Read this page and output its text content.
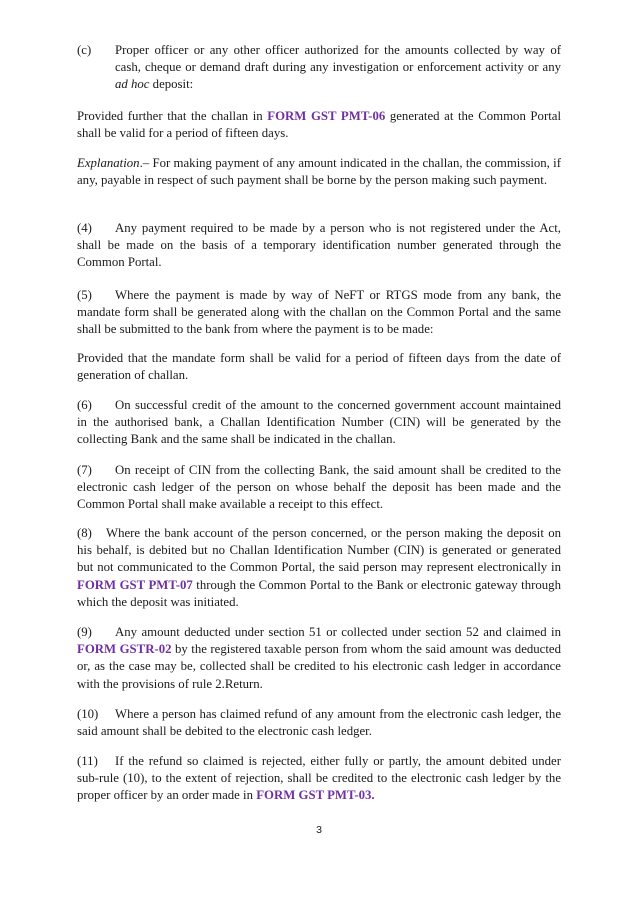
(c) Proper officer or any other officer authorized for the amounts collected by way of cash, cheque or demand draft during any investigation or enforcement activity or any ad hoc deposit:

Provided further that the challan in FORM GST PMT-06 generated at the Common Portal shall be valid for a period of fifteen days.

Explanation.– For making payment of any amount indicated in the challan, the commission, if any, payable in respect of such payment shall be borne by the person making such payment.

(4) Any payment required to be made by a person who is not registered under the Act, shall be made on the basis of a temporary identification number generated through the Common Portal.

(5) Where the payment is made by way of NeFT or RTGS mode from any bank, the mandate form shall be generated along with the challan on the Common Portal and the same shall be submitted to the bank from where the payment is to be made:

Provided that the mandate form shall be valid for a period of fifteen days from the date of generation of challan.

(6) On successful credit of the amount to the concerned government account maintained in the authorised bank, a Challan Identification Number (CIN) will be generated by the collecting Bank and the same shall be indicated in the challan.

(7) On receipt of CIN from the collecting Bank, the said amount shall be credited to the electronic cash ledger of the person on whose behalf the deposit has been made and the Common Portal shall make available a receipt to this effect.

(8) Where the bank account of the person concerned, or the person making the deposit on his behalf, is debited but no Challan Identification Number (CIN) is generated or generated but not communicated to the Common Portal, the said person may represent electronically in FORM GST PMT-07 through the Common Portal to the Bank or electronic gateway through which the deposit was initiated.

(9) Any amount deducted under section 51 or collected under section 52 and claimed in FORM GSTR-02 by the registered taxable person from whom the said amount was deducted or, as the case may be, collected shall be credited to his electronic cash ledger in accordance with the provisions of rule 2.Return.

(10) Where a person has claimed refund of any amount from the electronic cash ledger, the said amount shall be debited to the electronic cash ledger.

(11) If the refund so claimed is rejected, either fully or partly, the amount debited under sub-rule (10), to the extent of rejection, shall be credited to the electronic cash ledger by the proper officer by an order made in FORM GST PMT-03.

3
